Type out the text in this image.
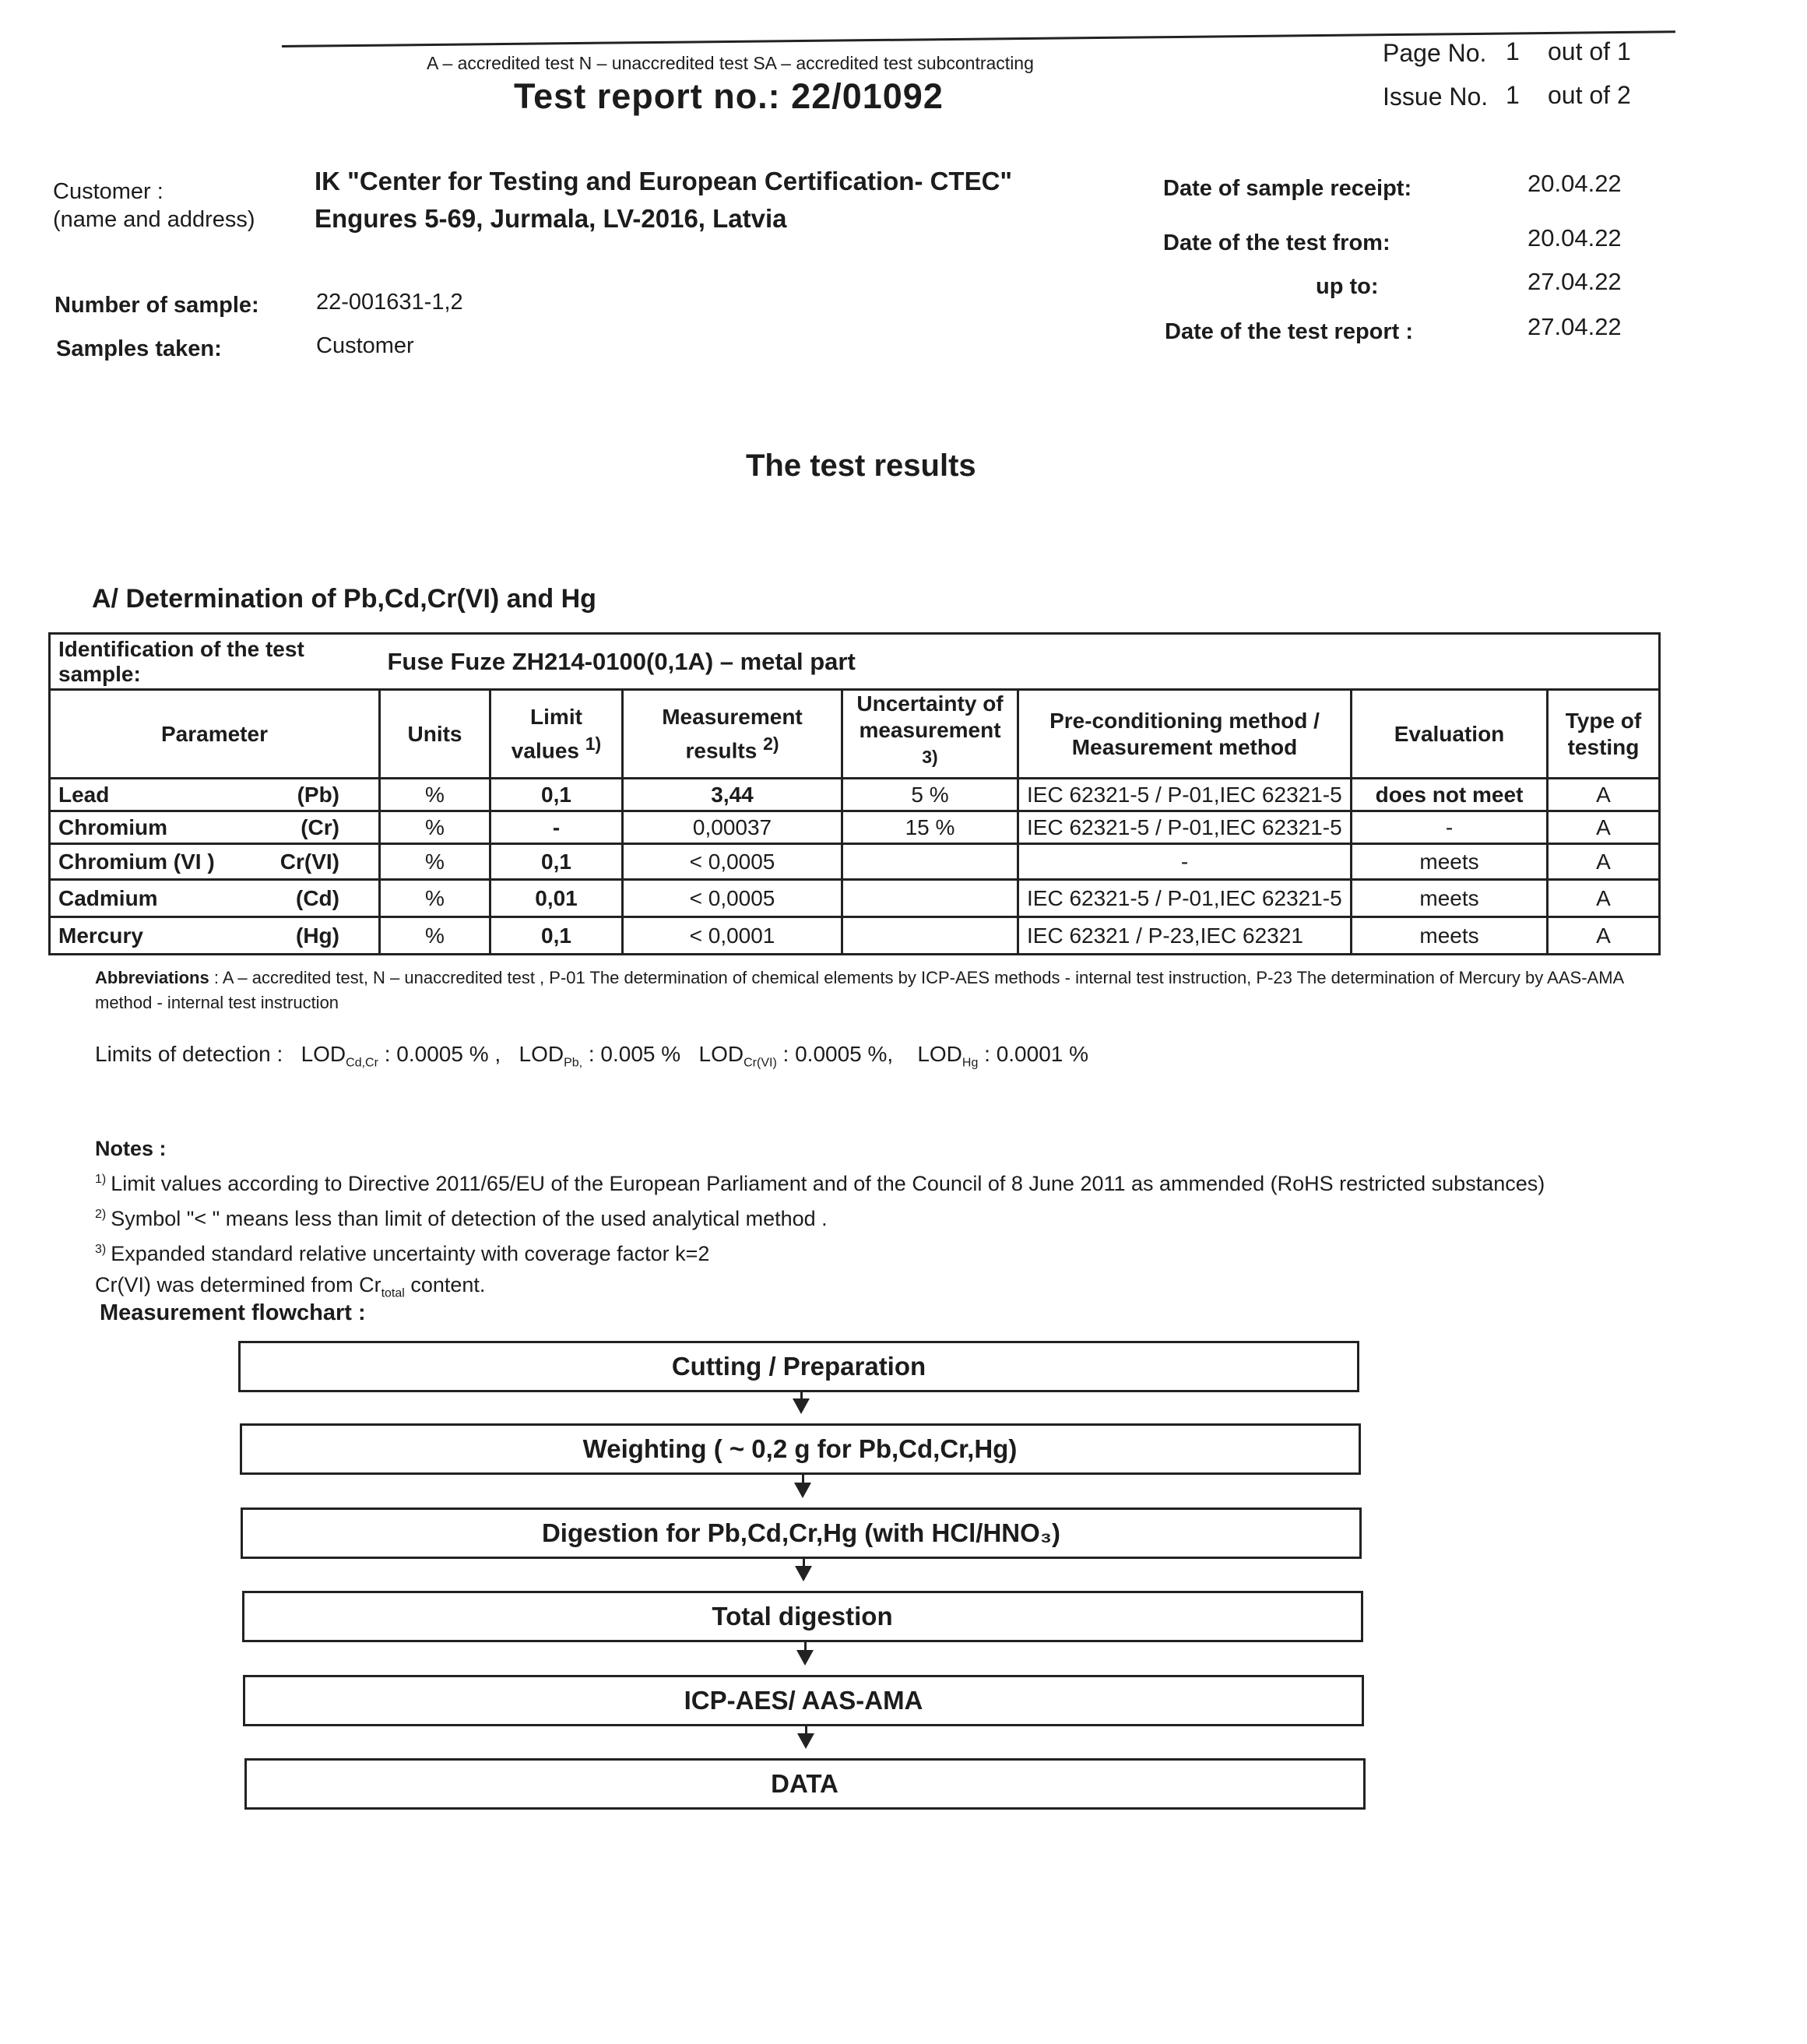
A – accredited test N – unaccredited test SA – accredited test subcontracting
Test report no.: 22/01092
Page No. 1 out of 1
Issue No. 1 out of 2
Customer :
(name and address)
IK "Center for Testing and European Certification- CTEC"
Engures 5-69, Jurmala, LV-2016, Latvia
Number of sample:	22-001631-1,2
Samples taken:	Customer
Date of sample receipt:	20.04.22
Date of the test from:	20.04.22
up to:	27.04.22
Date of the test report :	27.04.22
The test results
A/ Determination of Pb,Cd,Cr(VI) and Hg
Identification of the test sample:	Fuse Fuze ZH214-0100(0,1A) – metal part						
Parameter	Units	Limit values $^{1)}$	Measurement results $^{2)}$	Uncertainty of measurement $^{3)}$	Pre-conditioning method / Measurement method	Evaluation	Type of testing

Lead (Pb)	%	0,1	3,44	5 %	IEC 62321-5 / P-01,IEC 62321-5	does not meet	A

Chromium (Cr)	%	-	0,00037	15 %	IEC 62321-5 / P-01,IEC 62321-5	-	A

Chromium (VI ) Cr(VI)	%	0,1	< 0,0005		-	meets	A

Cadmium (Cd)	%	0,01	< 0,0005		IEC 62321-5 / P-01,IEC 62321-5	meets	A

Mercury (Hg)	%	0,1	< 0,0001		IEC 62321 / P-23,IEC 62321	meets	A
Abbreviations : A – accredited test, N – unaccredited test , P-01 The determination of chemical elements by ICP-AES methods - internal test instruction, P-23 The determination of Mercury by AAS-AMA method - internal test instruction
Limits of detection : $LOD_{Cd,Cr}$ : 0.0005 % , $LOD_{Pb,}$ : 0.005 % $LOD_{Cr(VI)}$ : 0.0005 %, $LOD_{Hg}$ : 0.0001 %
Notes :
$^{1)}$ Limit values according to Directive 2011/65/EU of the European Parliament and of the Council of 8 June 2011 as ammended (RoHS restricted substances)
$^{2)}$ Symbol "< " means less than limit of detection of the used analytical method .
$^{3)}$ Expanded standard relative uncertainty with coverage factor k=2
Cr(VI) was determined from $Cr_{total}$ content.
Measurement flowchart :
Cutting / Preparation
Weighting ( ~ 0,2 g for Pb,Cd,Cr,Hg)
Digestion for Pb,Cd,Cr,Hg (with HCl/HNO₃)
Total digestion
ICP-AES/ AAS-AMA
DATA
